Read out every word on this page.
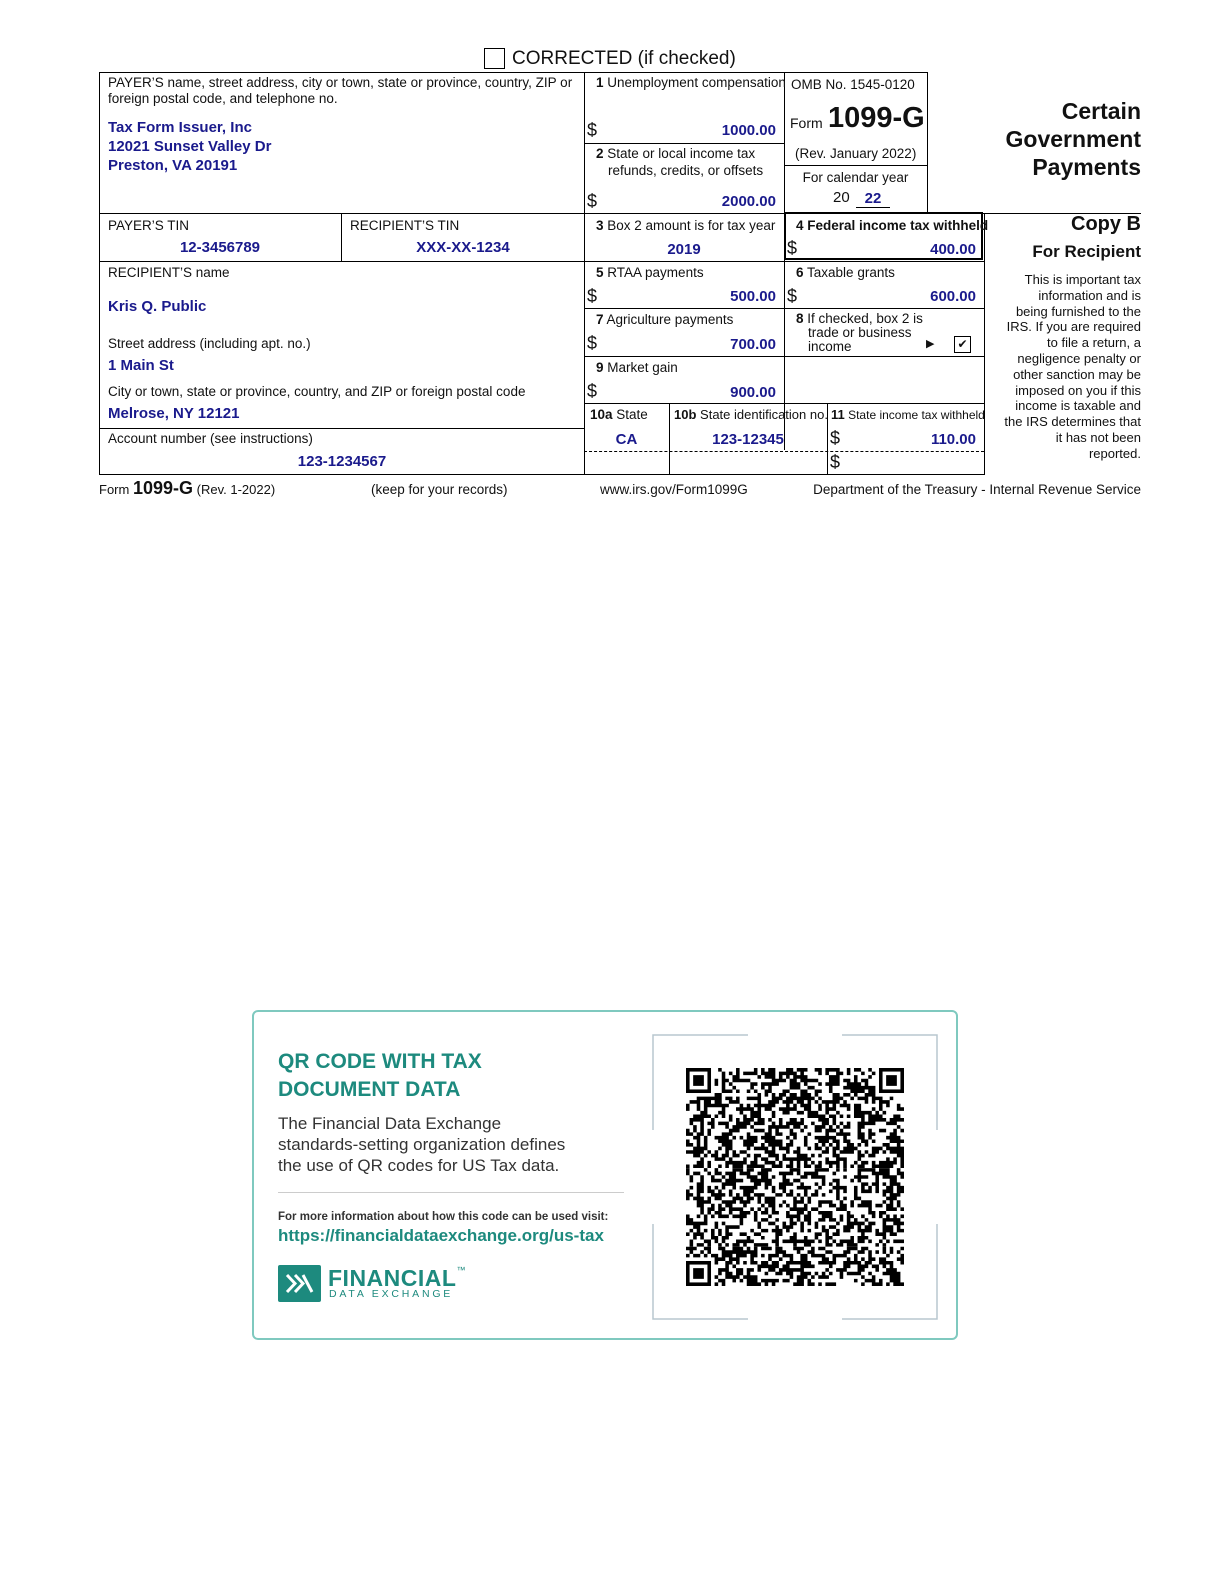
CORRECTED (if checked)
PAYER’S name, street address, city or town, state or province, country, ZIP or foreign postal code, and telephone no.
Tax Form Issuer, Inc
12021 Sunset Valley Dr
Preston, VA 20191
1 Unemployment compensation
$	1000.00
OMB No. 1545-0120
Form 1099-G
(Rev. January 2022)
For calendar year
20 22
Certain
Government
Payments
2 State or local income tax
refunds, credits, or offsets
$	2000.00
PAYER’S TIN
12-3456789
RECIPIENT’S TIN
XXX-XX-1234
3 Box 2 amount is for tax year
2019
4 Federal income tax withheld
$	400.00
Copy B
For Recipient
This is important tax
information and is
being furnished to the
IRS. If you are required
to file a return, a
negligence penalty or
other sanction may be
imposed on you if this
income is taxable and
the IRS determines that
it has not been
reported.
RECIPIENT’S name
Kris Q. Public
Street address (including apt. no.)
1 Main St
City or town, state or province, country, and ZIP or foreign postal code
Melrose, NY 12121
Account number (see instructions)
123-1234567
5 RTAA payments
$	500.00
6 Taxable grants
$	600.00
7 Agriculture payments
$	700.00
8 If checked, box 2 is
trade or business
income	▶ ✔
9 Market gain
$	900.00
10a State
CA
10b State identification no.
123-12345
11 State income tax withheld
$	110.00
$
Form 1099-G (Rev. 1-2022)	(keep for your records)	www.irs.gov/Form1099G	Department of the Treasury - Internal Revenue Service
QR CODE WITH TAX
DOCUMENT DATA
The Financial Data Exchange
standards-setting organization defines
the use of QR codes for US Tax data.
For more information about how this code can be used visit:
https://financialdataexchange.org/us-tax
FINANCIAL™
DATA EXCHANGE
